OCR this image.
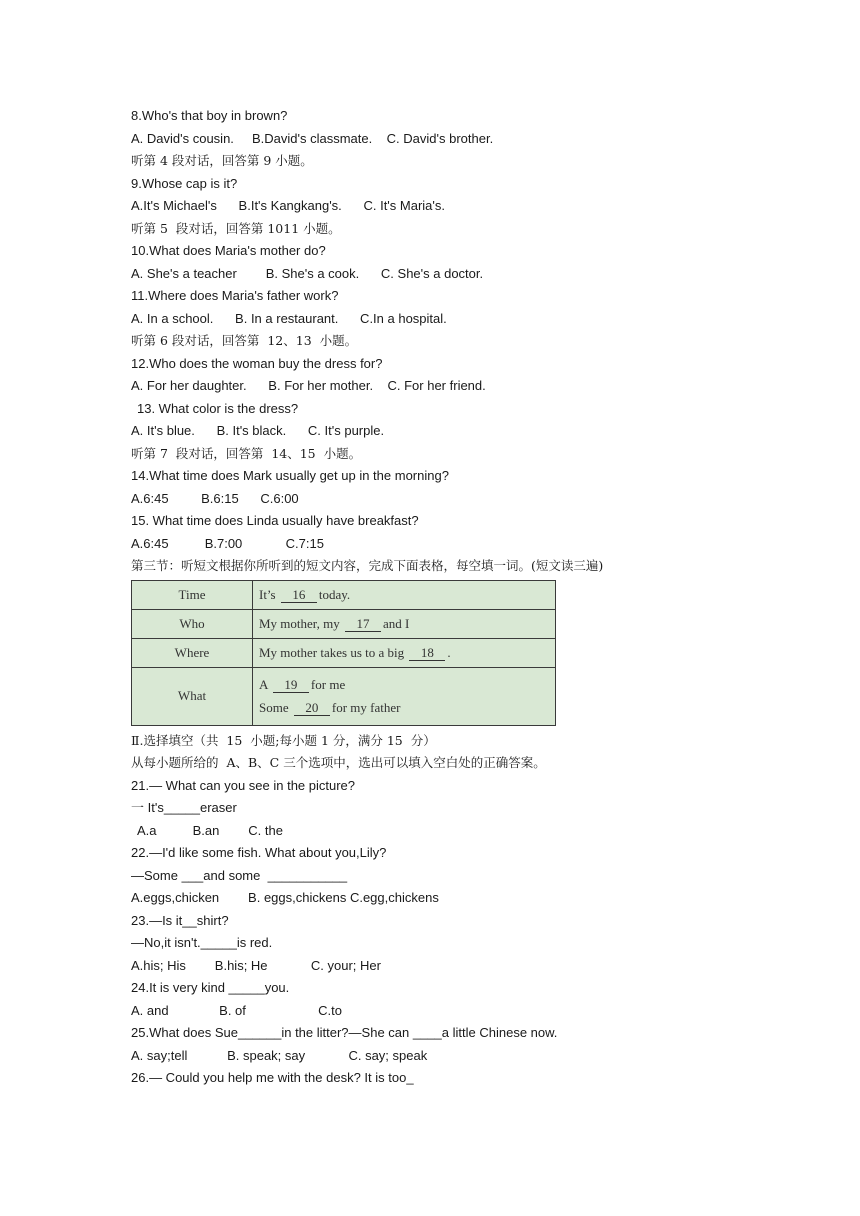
8.Who's that boy in brown?
A. David's cousin.     B.David's classmate.    C. David's brother.
听第 4 段对话，回答第 9 小题。
9.Whose cap is it?
A.It's Michael's      B.It's Kangkang's.      C. It's Maria's.
听第 5  段对话，回答第 1011 小题。
10.What does Maria's mother do?
A. She's a teacher        B. She's a cook.      C. She's a doctor.
11.Where does Maria's father work?
A. In a school.      B. In a restaurant.      C.In a hospital.
听第 6 段对话，回答第  12、13  小题。
12.Who does the woman buy the dress for?
A. For her daughter.      B. For her mother.    C. For her friend.
13. What color is the dress?
A. It's blue.      B. It's black.      C. It's purple.
听第 7  段对话，回答第  14、15  小题。
14.What time does Mark usually get up in the morning?
A.6:45         B.6:15      C.6:00
15. What time does Linda usually have breakfast?
A.6:45          B.7:00            C.7:15
第三节：听短文根据你所听到的短文内容，完成下面表格，每空填一词。(短文读三遍)
Time	It’s 16 today.
Who	My mother, my 17 and I
Where	My mother takes us to a big 18 .
What	A 19 for me
Some 20 for my father
Ⅱ.选择填空（共  15  小题;每小题 1 分，满分 15  分）
从每小题所给的  A、B、C 三个选项中，选出可以填入空白处的正确答案。
21.— What can you see in the picture?
一 It's_____eraser
A.a          B.an        C. the
22.—I'd like some fish. What about you,Lily?
—Some ___and some  ___________
A.eggs,chicken        B. eggs,chickens C.egg,chickens
23.—Is it__shirt?
—No,it isn't._____is red.
A.his; His        B.his; He            C. your; Her
24.It is very kind _____you.
A. and              B. of                    C.to
25.What does Sue______in the litter?—She can ____a little Chinese now.
A. say;tell           B. speak; say            C. say; speak
26.— Could you help me with the desk? It is too_
